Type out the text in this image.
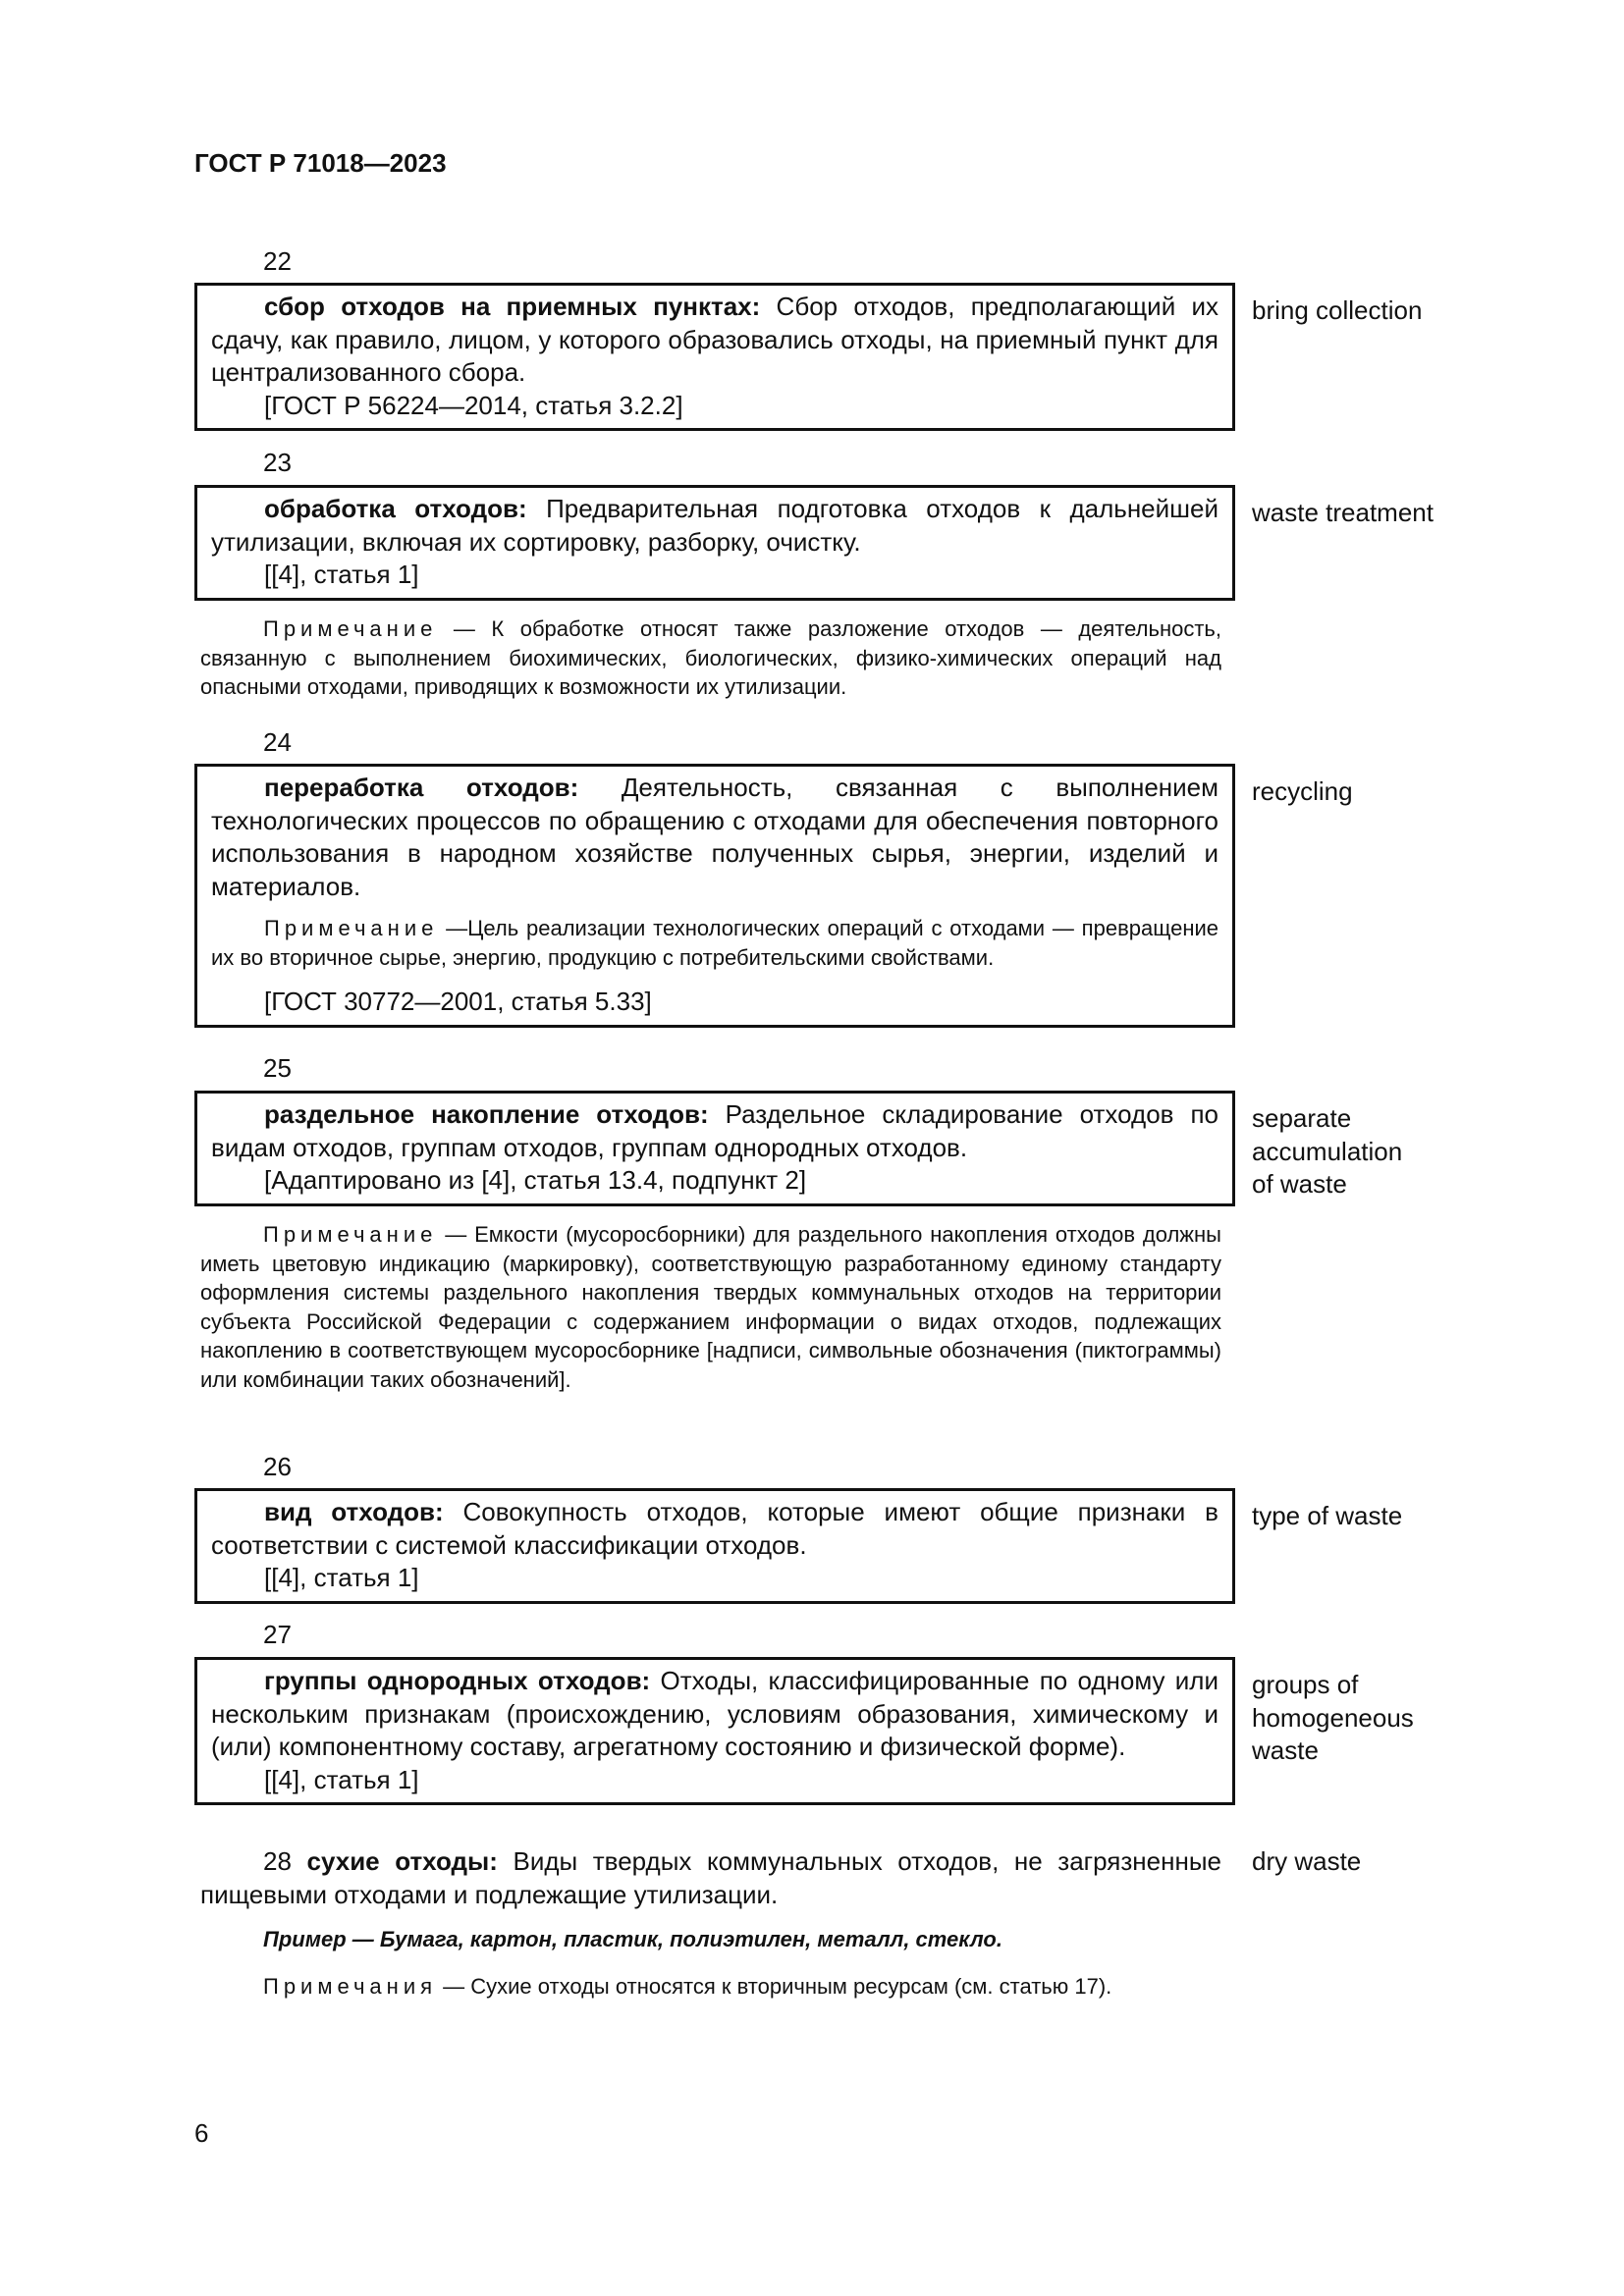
ГОСТ Р 71018—2023
22

сбор отходов на приемных пунктах: Сбор отходов, предполагающий их сдачу, как правило, лицом, у которого образовались отходы, на приемный пункт для централизованного сбора.

[ГОСТ Р 56224—2014, статья 3.2.2]

bring collection
23

обработка отходов: Предварительная подготовка отходов к дальнейшей утилизации, включая их сортировку, разборку, очистку.

[[4], статья 1]

waste treatment

Примечание — К обработке относят также разложение отходов — деятельность, связанную с выполнением биохимических, биологических, физико-химических операций над опасными отходами, приводящих к возможности их утилизации.

24

переработка отходов: Деятельность, связанная с выполнением технологических процессов по обращению с отходами для обеспечения повторного использования в народном хозяйстве полученных сырья, энергии, изделий и материалов.

Примечание —Цель реализации технологических операций с отходами — превращение их во вторичное сырье, энергию, продукцию с потребительскими свойствами.

[ГОСТ 30772—2001, статья 5.33]

recycling
25

раздельное накопление отходов: Раздельное складирование отходов по видам отходов, группам отходов, группам однородных отходов.

[Адаптировано из [4], статья 13.4, подпункт 2]

separate
accumulation
of waste

Примечание — Емкости (мусоросборники) для раздельного накопления отходов должны иметь цветовую индикацию (маркировку), соответствующую разработанному единому стандарту оформления системы раздельного накопления твердых коммунальных отходов на территории субъекта Российской Федерации с содержанием информации о видах отходов, подлежащих накоплению в соответствующем мусоросборнике [надписи, символьные обозначения (пиктограммы) или комбинации таких обозначений].

26

вид отходов: Совокупность отходов, которые имеют общие признаки в соответствии с системой классификации отходов.

[[4], статья 1]

type of waste
27

группы однородных отходов: Отходы, классифицированные по одному или нескольким признакам (происхождению, условиям образования, химическому и (или) компонентному составу, агрегатному состоянию и физической форме).

[[4], статья 1]

groups of
homogeneous
waste

28 сухие отходы: Виды твердых коммунальных отходов, не загрязненные пищевыми отходами и подлежащие утилизации.

dry waste
Пример — Бумага, картон, пластик, полиэтилен, металл, стекло.
Примечания — Сухие отходы относятся к вторичным ресурсам (см. статью 17).
6
